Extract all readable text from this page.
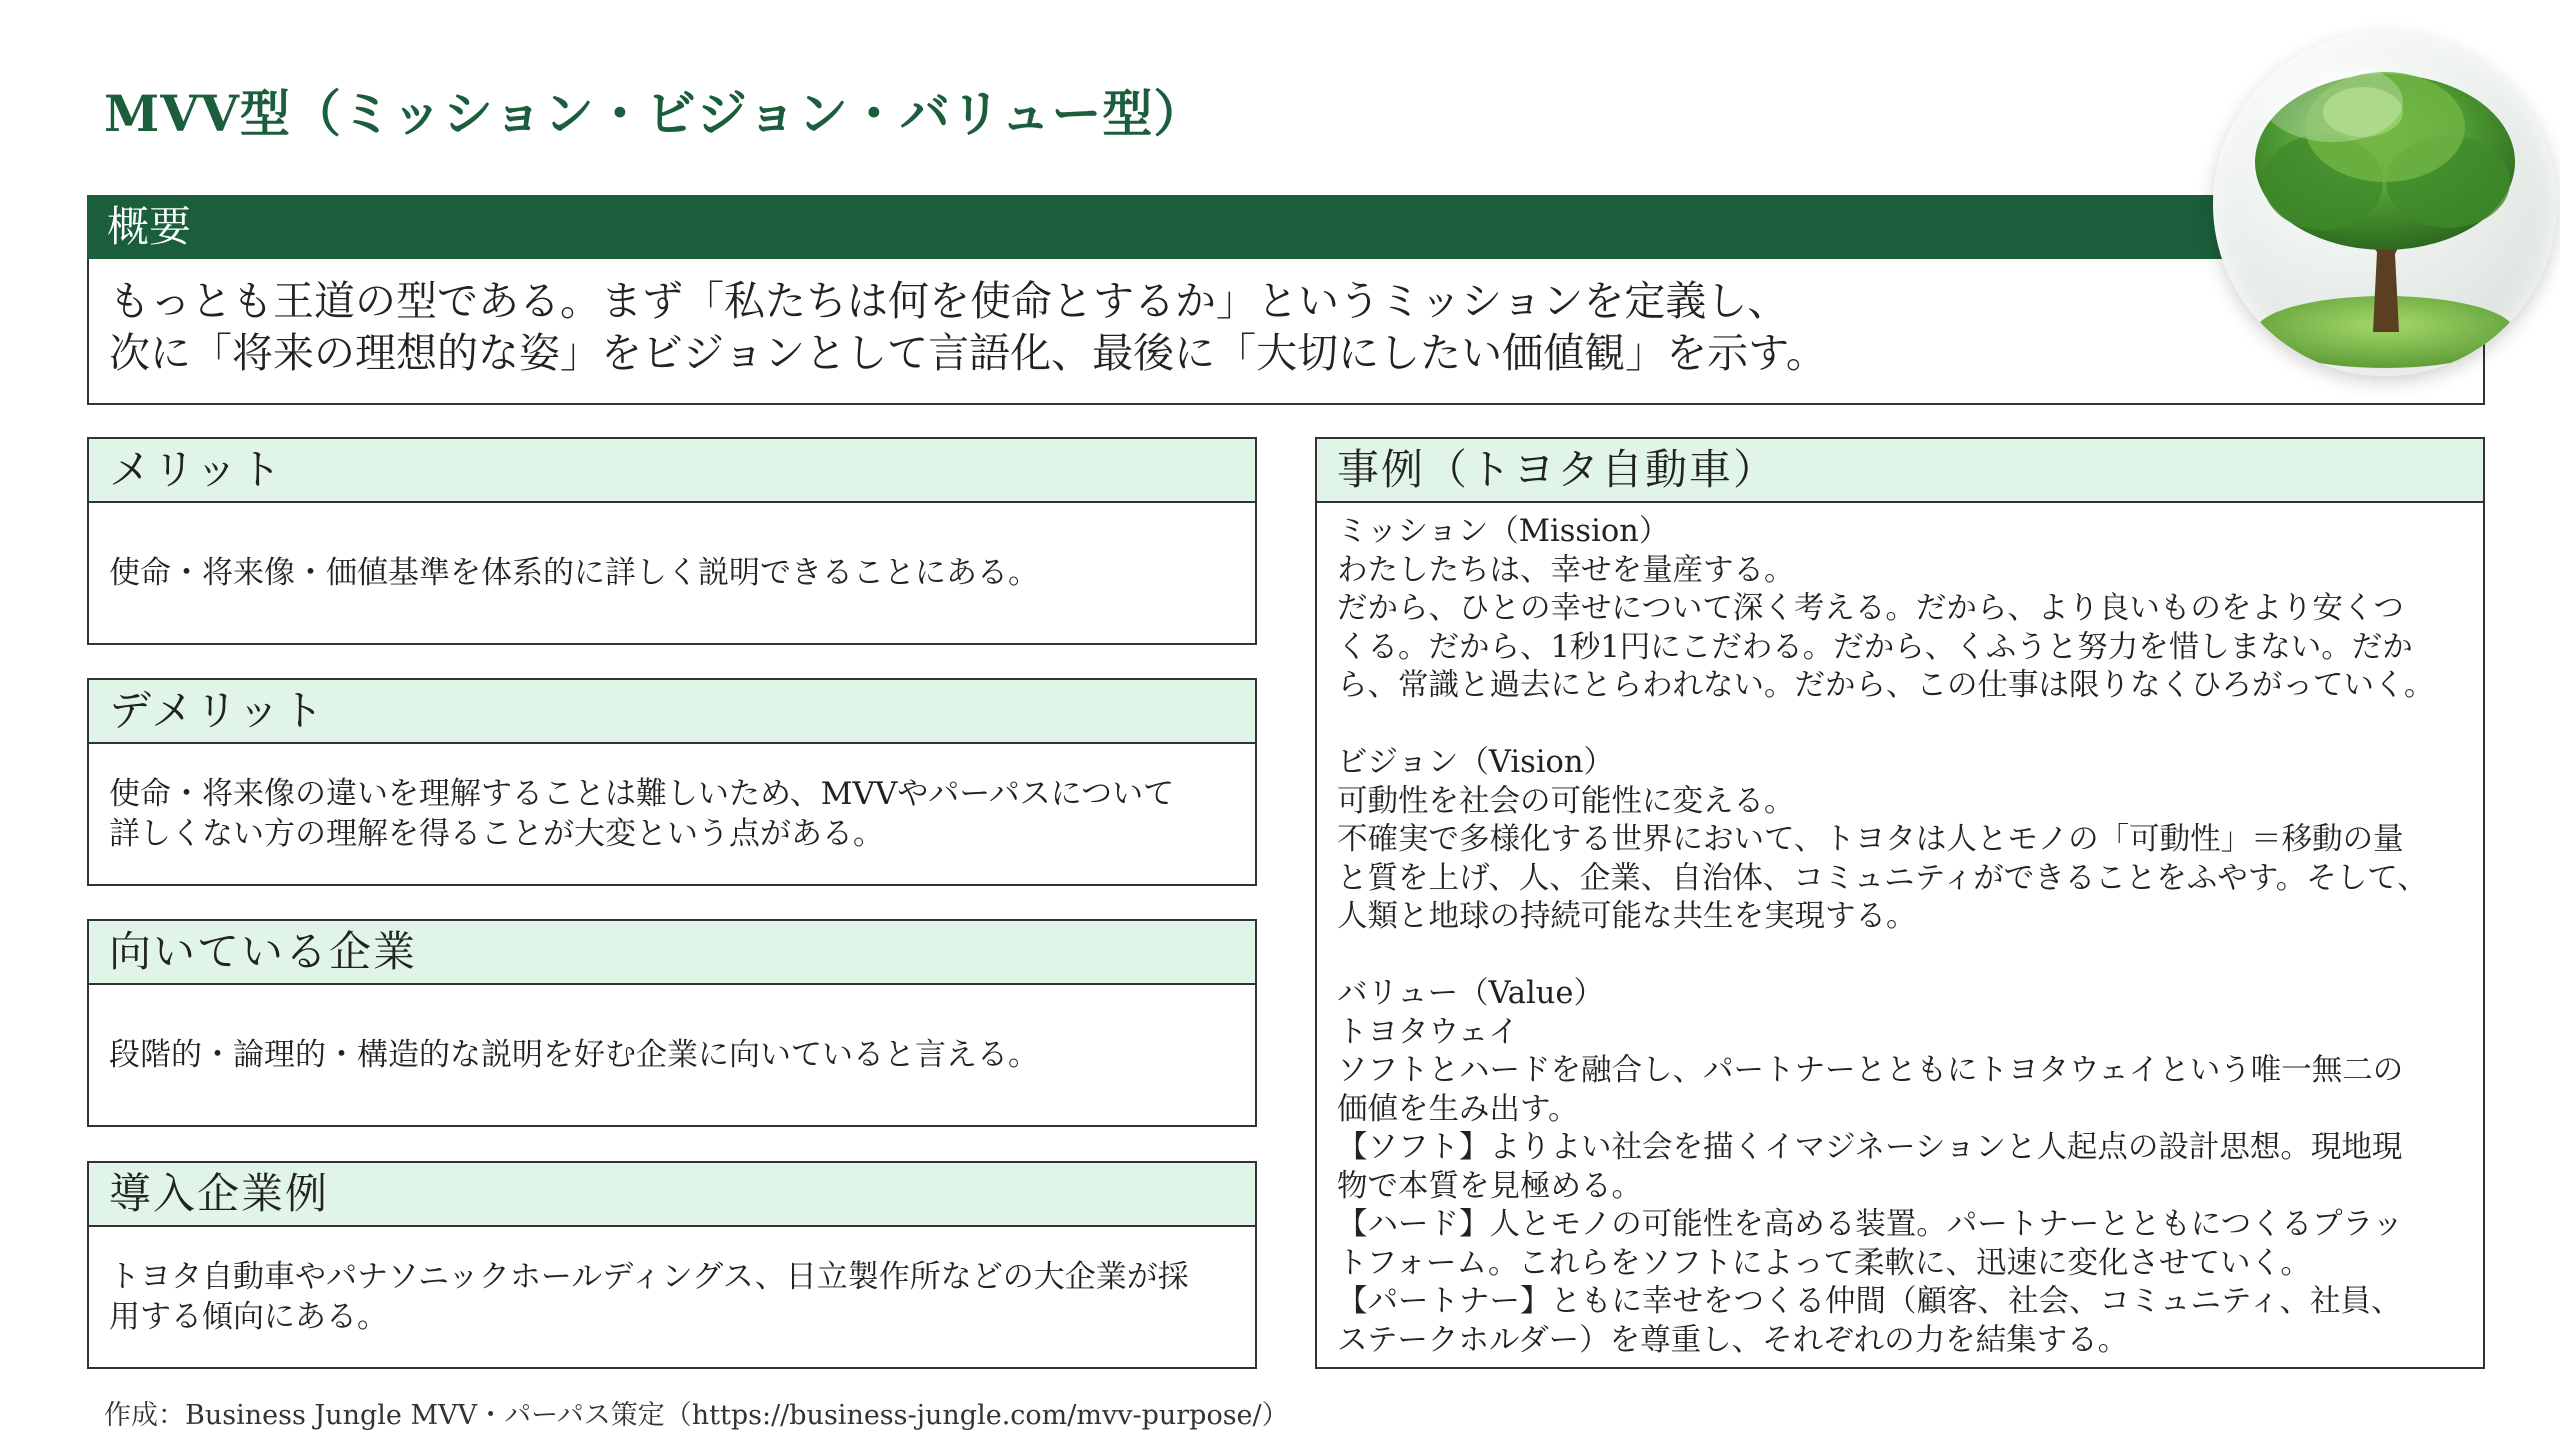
MVV型（ミッション・ビジョン・バリュー型）
概要

もっとも王道の型である。まず「私たちは何を使命とするか」というミッションを定義し、

次に「将来の理想的な姿」をビジョンとして言語化、最後に「大切にしたい価値観」を示す。

メリット

使命・将来像・価値基準を体系的に詳しく説明できることにある。

デメリット

使命・将来像の違いを理解することは難しいため、MVVやパーパスについて

詳しくない方の理解を得ることが大変という点がある。

向いている企業

段階的・論理的・構造的な説明を好む企業に向いていると言える。

導入企業例

トヨタ自動車やパナソニックホールディングス、日立製作所などの大企業が採

用する傾向にある。

事例（トヨタ自動車）

ミッション（Mission）

わたしたちは、幸せを量産する。

だから、ひとの幸せについて深く考える。だから、より良いものをより安くつ

くる。だから、1秒1円にこだわる。だから、くふうと努力を惜しまない。だか

ら、常識と過去にとらわれない。だから、この仕事は限りなくひろがっていく。

ビジョン（Vision）

可動性を社会の可能性に変える。

不確実で多様化する世界において、トヨタは人とモノの「可動性」＝移動の量

と質を上げ、人、企業、自治体、コミュニティができることをふやす。そして、

人類と地球の持続可能な共生を実現する。

バリュー（Value）

トヨタウェイ

ソフトとハードを融合し、パートナーとともにトヨタウェイという唯一無二の

価値を生み出す。

【ソフト】よりよい社会を描くイマジネーションと人起点の設計思想。現地現

物で本質を見極める。

【ハード】人とモノの可能性を高める装置。パートナーとともにつくるプラッ

トフォーム。これらをソフトによって柔軟に、迅速に変化させていく。

【パートナー】ともに幸せをつくる仲間（顧客、社会、コミュニティ、社員、

ステークホルダー）を尊重し、それぞれの力を結集する。

作成：Business Jungle MVV・パーパス策定（https://business-jungle.com/mvv-purpose/）
